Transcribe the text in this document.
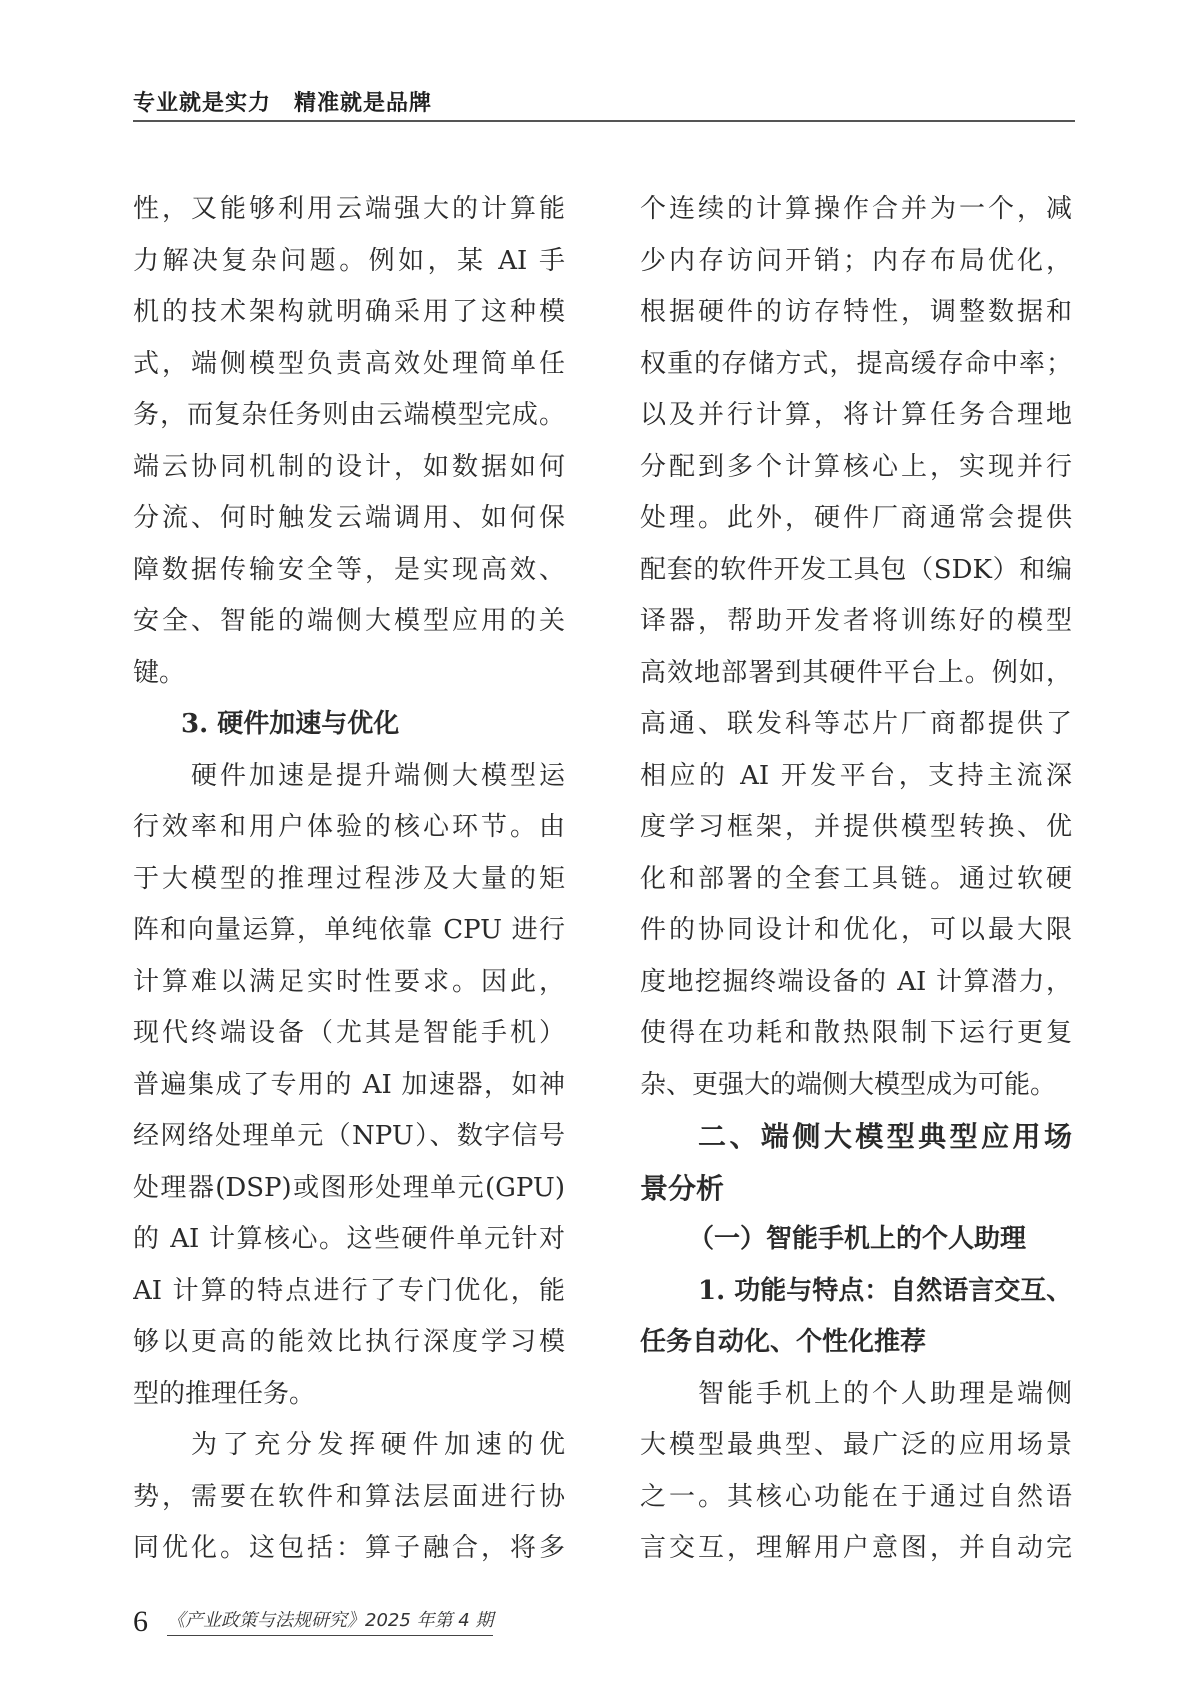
专业就是实力　精准就是品牌
性，又能够利用云端强大的计算能
力解决复杂问题。例如，某 AI 手
机的技术架构就明确采用了这种模
式，端侧模型负责高效处理简单任
务，而复杂任务则由云端模型完成。
端云协同机制的设计，如数据如何
分流、何时触发云端调用、如何保
障数据传输安全等，是实现高效、
安全、智能的端侧大模型应用的关
键。
3. 硬件加速与优化
硬件加速是提升端侧大模型运
行效率和用户体验的核心环节。由
于大模型的推理过程涉及大量的矩
阵和向量运算，单纯依靠 CPU 进行
计算难以满足实时性要求。因此，
现代终端设备（尤其是智能手机）
普遍集成了专用的 AI 加速器，如神
经网络处理单元（NPU）、数字信号
处理器(DSP)或图形处理单元(GPU)
的 AI 计算核心。这些硬件单元针对
AI 计算的特点进行了专门优化，能
够以更高的能效比执行深度学习模
型的推理任务。
为了充分发挥硬件加速的优
势，需要在软件和算法层面进行协
同优化。这包括：算子融合，将多
个连续的计算操作合并为一个，减
少内存访问开销；内存布局优化，
根据硬件的访存特性，调整数据和
权重的存储方式，提高缓存命中率；
以及并行计算，将计算任务合理地
分配到多个计算核心上，实现并行
处理。此外，硬件厂商通常会提供
配套的软件开发工具包（SDK）和编
译器，帮助开发者将训练好的模型
高效地部署到其硬件平台上。例如，
高通、联发科等芯片厂商都提供了
相应的 AI 开发平台，支持主流深
度学习框架，并提供模型转换、优
化和部署的全套工具链。通过软硬
件的协同设计和优化，可以最大限
度地挖掘终端设备的 AI 计算潜力，
使得在功耗和散热限制下运行更复
杂、更强大的端侧大模型成为可能。
二、端侧大模型典型应用场
景分析
（一）智能手机上的个人助理
1. 功能与特点：自然语言交互、
任务自动化、个性化推荐
智能手机上的个人助理是端侧
大模型最典型、最广泛的应用场景
之一。其核心功能在于通过自然语
言交互，理解用户意图，并自动完
6 《产业政策与法规研究》2025 年第 4 期
